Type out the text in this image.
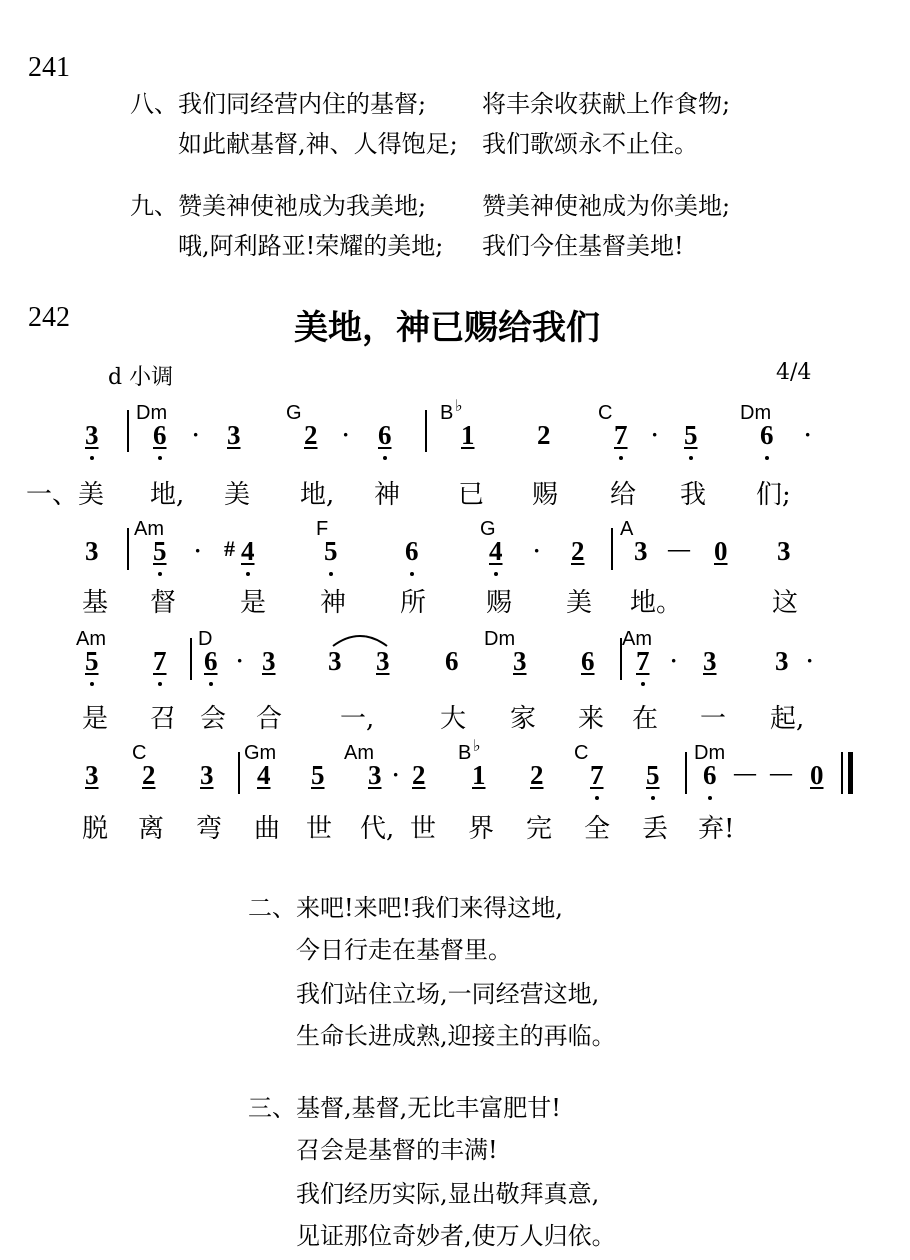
241
八、我们同经营内住的基督; 将丰余收获献上作食物;
如此献基督,神、人得饱足; 我们歌颂永不止住。
九、赞美神使祂成为我美地; 赞美神使祂成为你美地;
哦,阿利路亚!荣耀的美地; 我们今住基督美地!
242	美地，神已赐给我们
d 小调	4/4
Dm	G	B ♭	C	Dm
3 6 · 3 2 · 6	1 2 7 · 5 6 ·
一、美 地, 美 地, 神 已 赐 给 我 们;
Am	F	G	A
3 5 · # 4	5	6	4 · 2 3 — 0 3
基 督 是 神 所 赐 美 地。	这
Am	D	Dm	Am
5 7 6 · 3 3 3 6 3 6 7 · 3 3 ·
是 召 会 合 一,	大 家 来 在 一 起,
C	Gm	Am	B ♭	C	Dm
3 2 3 4 5 3 · 2 1 2 7 5 6 — — 0
脱 离 弯 曲 世 代, 世 界 完 全 丢 弃!
二、来吧!来吧!我们来得这地,
今日行走在基督里。
我们站住立场,一同经营这地,
生命长进成熟,迎接主的再临。
三、基督,基督,无比丰富肥甘!
召会是基督的丰满!
我们经历实际,显出敬拜真意,
见证那位奇妙者,使万人归依。
